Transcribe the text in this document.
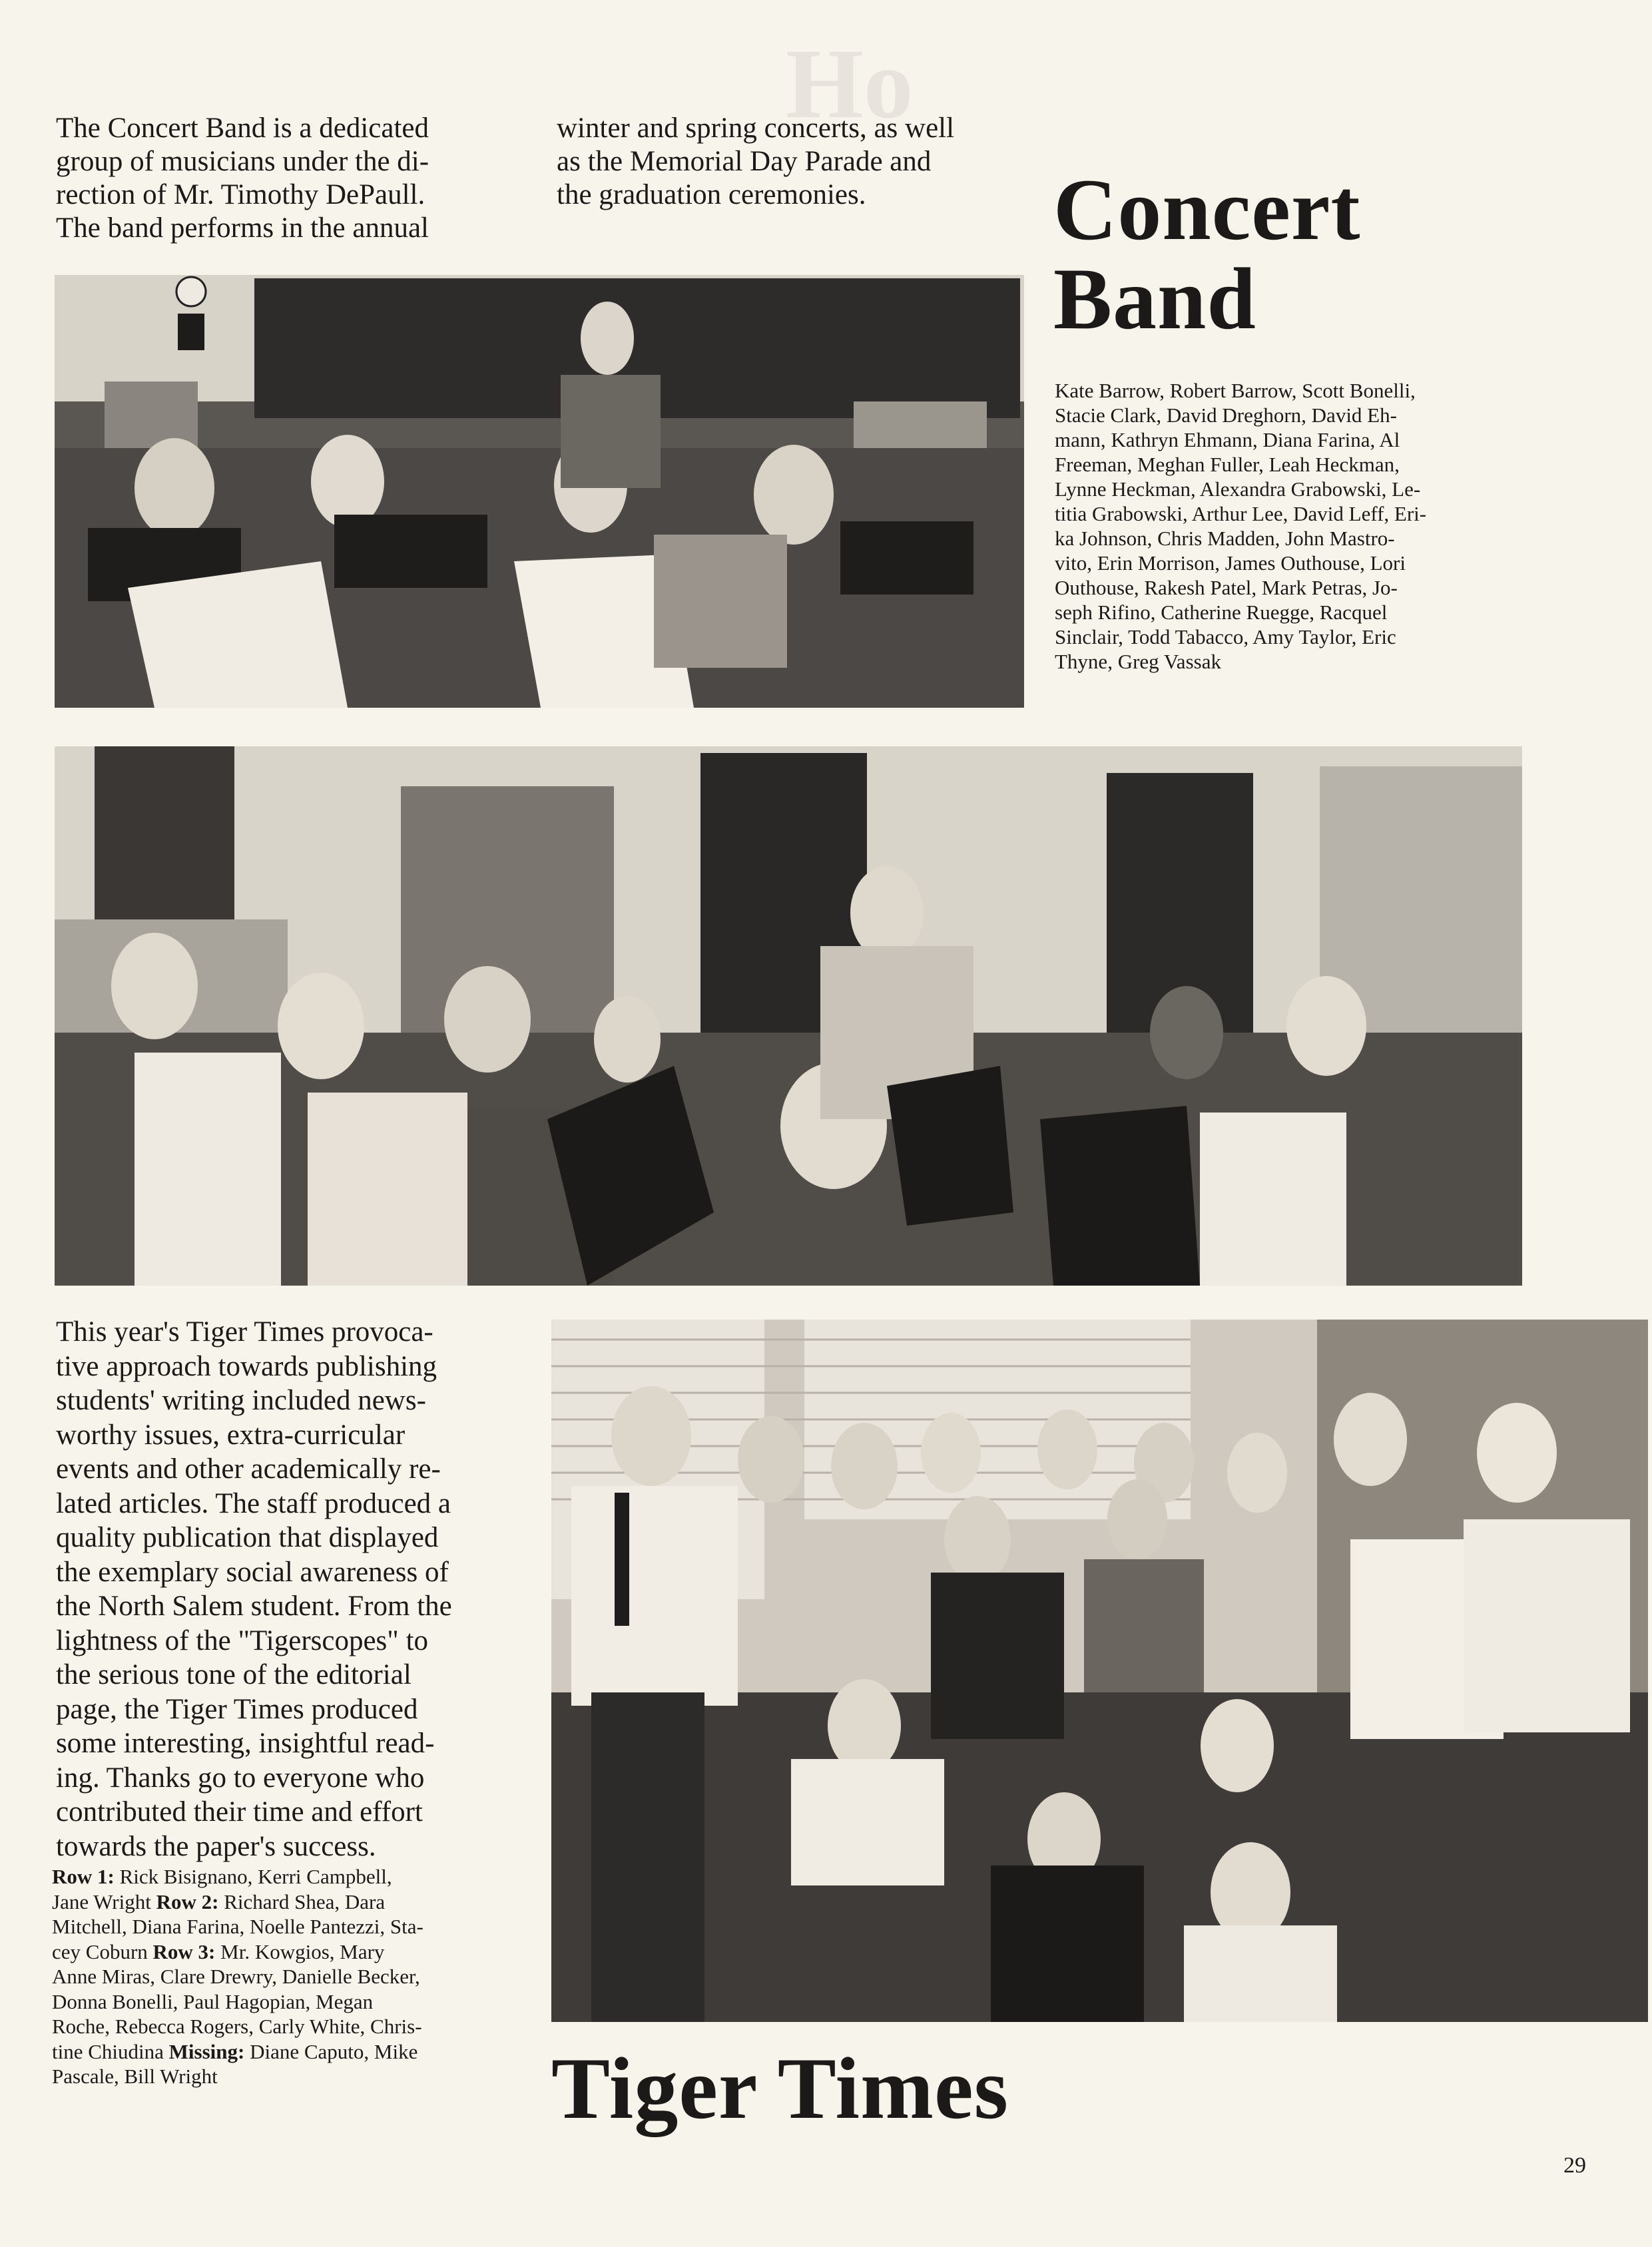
Ho

The Concert Band is a dedicated
group of musicians under the di-
rection of Mr. Timothy DePaull.
The band performs in the annual

winter and spring concerts, as well
as the Memorial Day Parade and
the graduation ceremonies.	Concert
Band

Kate Barrow, Robert Barrow, Scott Bonelli,
Stacie Clark, David Dreghorn, David Eh-
mann, Kathryn Ehmann, Diana Farina, Al
Freeman, Meghan Fuller, Leah Heckman,
Lynne Heckman, Alexandra Grabowski, Le-
titia Grabowski, Arthur Lee, David Leff, Eri-
ka Johnson, Chris Madden, John Mastro-
vito, Erin Morrison, James Outhouse, Lori
Outhouse, Rakesh Patel, Mark Petras, Jo-
seph Rifino, Catherine Ruegge, Racquel
Sinclair, Todd Tabacco, Amy Taylor, Eric
Thyne, Greg Vassak

This year's Tiger Times provoca-
tive approach towards publishing
students' writing included news-
worthy issues, extra-curricular
events and other academically re-
lated articles. The staff produced a
quality publication that displayed
the exemplary social awareness of
the North Salem student. From the
lightness of the "Tigerscopes" to
the serious tone of the editorial
page, the Tiger Times produced
some interesting, insightful read-
ing. Thanks go to everyone who
contributed their time and effort
towards the paper's success.

Row 1: Rick Bisignano, Kerri Campbell,
Jane Wright Row 2: Richard Shea, Dara
Mitchell, Diana Farina, Noelle Pantezzi, Sta-
cey Coburn Row 3: Mr. Kowgios, Mary
Anne Miras, Clare Drewry, Danielle Becker,
Donna Bonelli, Paul Hagopian, Megan
Roche, Rebecca Rogers, Carly White, Chris-
tine Chiudina Missing: Diane Caputo, Mike
Pascale, Bill Wright	Tiger Times
29
